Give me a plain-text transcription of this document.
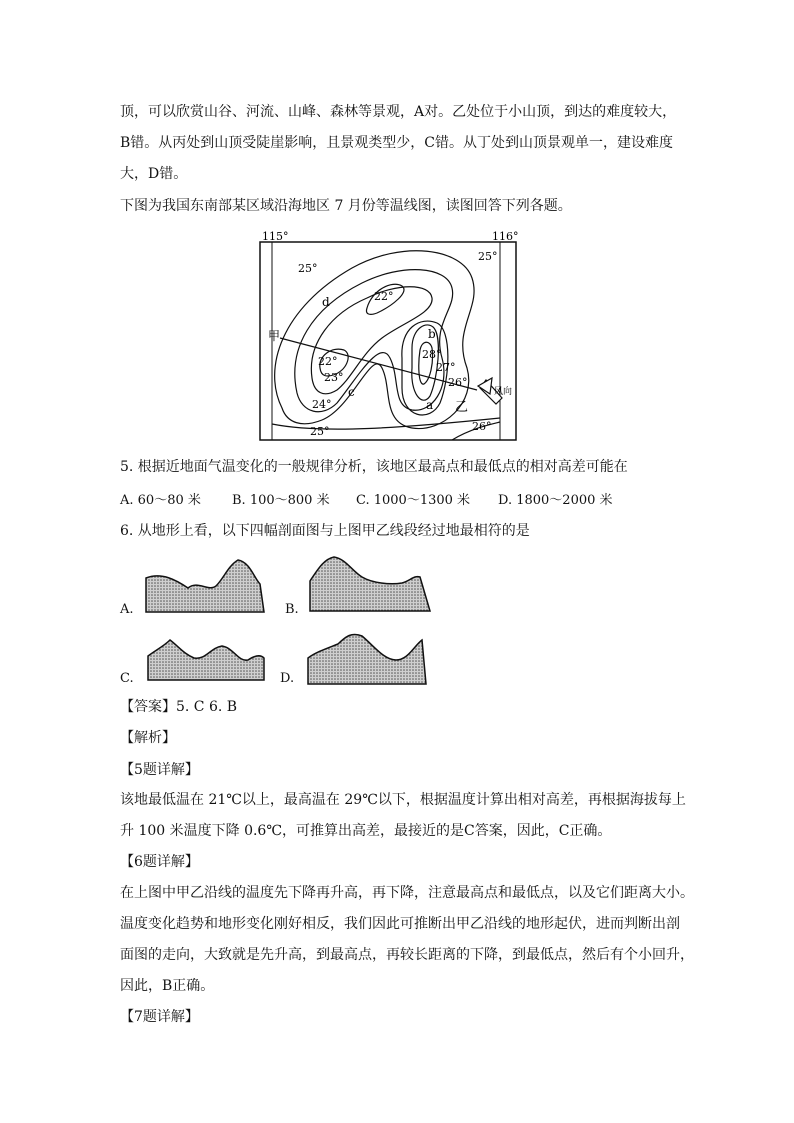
顶，可以欣赏山谷、河流、山峰、森林等景观，A对。乙处位于小山顶，到达的难度较大，
B错。从丙处到山顶受陡崖影响，且景观类型少，C错。从丁处到山顶景观单一，建设难度
大，D错。
下图为我国东南部某区域沿海地区 7 月份等温线图，读图回答下列各题。
115°	116°
甲
乙
25°
25°
22°
28°
27°
26°
22°
23°
24°
25°	26°
d
b
c
a
风向
5. 根据近地面气温变化的一般规律分析，该地区最高点和最低点的相对高差可能在
A. 60～80 米 B. 100～800 米 C. 1000～1300 米 D. 1800～2000 米
6. 从地形上看，以下四幅剖面图与上图甲乙线段经过地最相符的是
A.	B.
C.	D.
【答案】5. C 6. B
【解析】
【5题详解】
该地最低温在 21℃以上，最高温在 29℃以下，根据温度计算出相对高差，再根据海拔每上
升 100 米温度下降 0.6℃，可推算出高差，最接近的是C答案，因此，C正确。
【6题详解】
在上图中甲乙沿线的温度先下降再升高，再下降，注意最高点和最低点，以及它们距离大小。
温度变化趋势和地形变化刚好相反，我们因此可推断出甲乙沿线的地形起伏，进而判断出剖
面图的走向，大致就是先升高，到最高点，再较长距离的下降，到最低点，然后有个小回升，
因此，B正确。
【7题详解】
